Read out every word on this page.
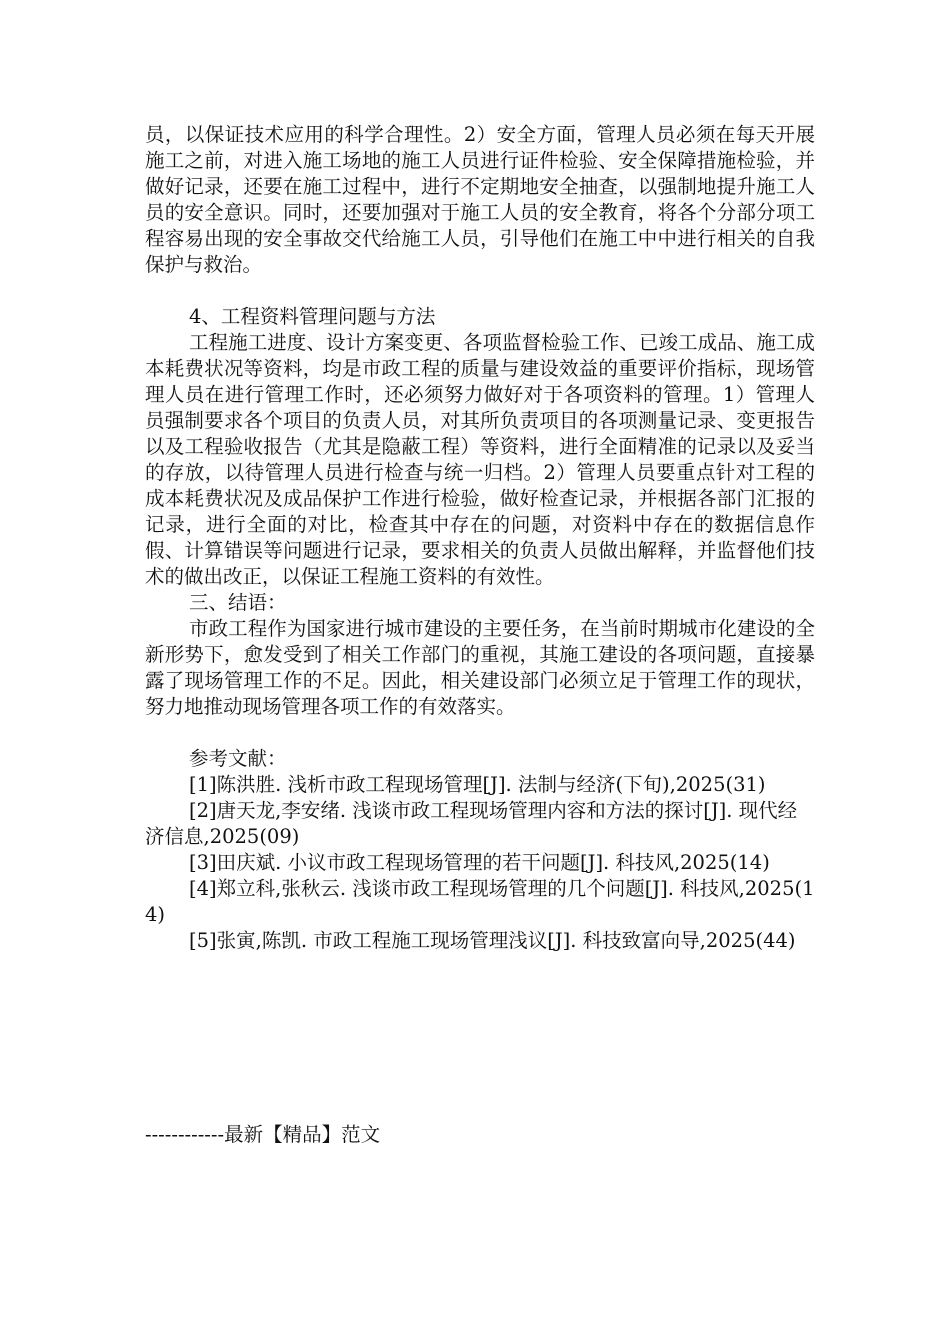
员，以保证技术应用的科学合理性。2）安全方面，管理人员必须在每天开展施工之前，对进入施工场地的施工人员进行证件检验、安全保障措施检验，并做好记录，还要在施工过程中，进行不定期地安全抽查，以强制地提升施工人员的安全意识。同时，还要加强对于施工人员的安全教育，将各个分部分项工程容易出现的安全事故交代给施工人员，引导他们在施工中中进行相关的自我保护与救治。

4、工程资料管理问题与方法

工程施工进度、设计方案变更、各项监督检验工作、已竣工成品、施工成本耗费状况等资料，均是市政工程的质量与建设效益的重要评价指标，现场管理人员在进行管理工作时，还必须努力做好对于各项资料的管理。1）管理人员强制要求各个项目的负责人员，对其所负责项目的各项测量记录、变更报告以及工程验收报告（尤其是隐蔽工程）等资料，进行全面精准的记录以及妥当的存放，以待管理人员进行检查与统一归档。2）管理人员要重点针对工程的成本耗费状况及成品保护工作进行检验，做好检查记录，并根据各部门汇报的记录，进行全面的对比，检查其中存在的问题，对资料中存在的数据信息作假、计算错误等问题进行记录，要求相关的负责人员做出解释，并监督他们技术的做出改正，以保证工程施工资料的有效性。

三、结语：

市政工程作为国家进行城市建设的主要任务，在当前时期城市化建设的全新形势下，愈发受到了相关工作部门的重视，其施工建设的各项问题，直接暴露了现场管理工作的不足。因此，相关建设部门必须立足于管理工作的现状，努力地推动现场管理各项工作的有效落实。

参考文献：

[1]陈洪胜. 浅析市政工程现场管理[J]. 法制与经济(下旬),2025(31)

[2]唐天龙,李安绪. 浅谈市政工程现场管理内容和方法的探讨[J]. 现代经济信息,2025(09)

[3]田庆斌. 小议市政工程现场管理的若干问题[J]. 科技风,2025(14)

[4]郑立科,张秋云. 浅谈市政工程现场管理的几个问题[J]. 科技风,2025(14)

[5]张寅,陈凯. 市政工程施工现场管理浅议[J]. 科技致富向导,2025(44)

------------最新【精品】范文
